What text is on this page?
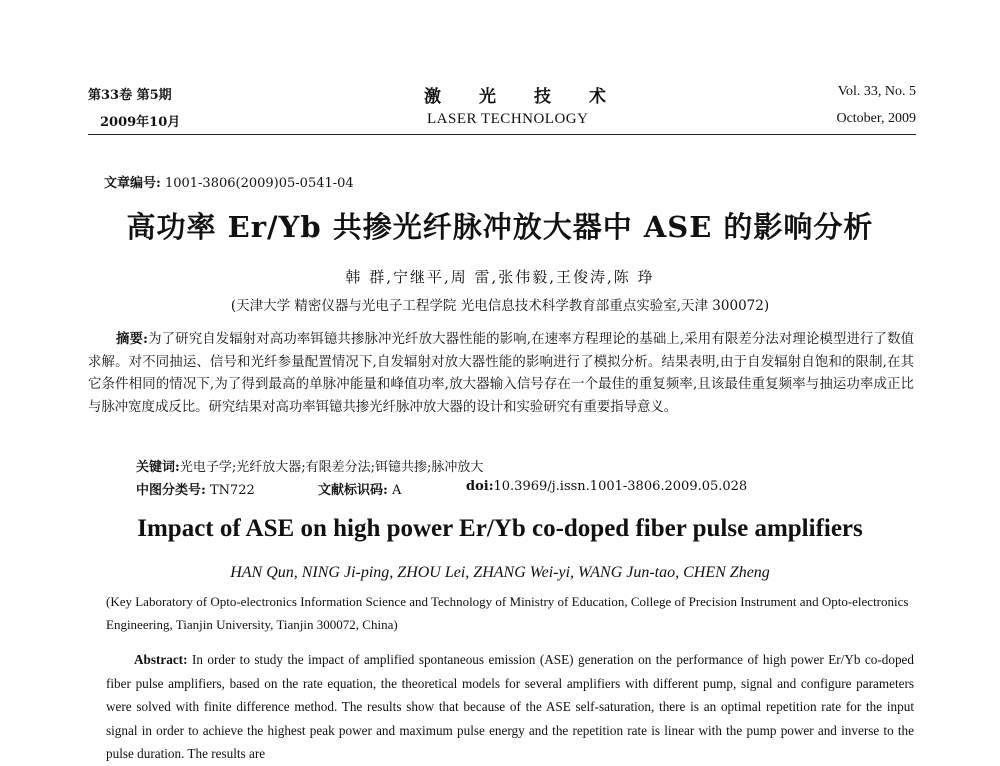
第33卷 第5期
2009年10月
激光技术
LASER TECHNOLOGY
Vol. 33, No. 5
October, 2009
文章编号: 1001-3806(2009)05-0541-04
高功率 Er/Yb 共掺光纤脉冲放大器中 ASE 的影响分析
韩 群,宁继平,周 雷,张伟毅,王俊涛,陈 琤
(天津大学 精密仪器与光电子工程学院 光电信息技术科学教育部重点实验室,天津 300072)
摘要:为了研究自发辐射对高功率铒镱共掺脉冲光纤放大器性能的影响,在速率方程理论的基础上,采用有限差分法对理论模型进行了数值求解。对不同抽运、信号和光纤参量配置情况下,自发辐射对放大器性能的影响进行了模拟分析。结果表明,由于自发辐射自饱和的限制,在其它条件相同的情况下,为了得到最高的单脉冲能量和峰值功率,放大器输入信号存在一个最佳的重复频率,且该最佳重复频率与抽运功率成正比与脉冲宽度成反比。研究结果对高功率铒镱共掺光纤脉冲放大器的设计和实验研究有重要指导意义。
关键词:光电子学;光纤放大器;有限差分法;铒镱共掺;脉冲放大
中图分类号: TN722	文献标识码: A	doi:10.3969/j.issn.1001-3806.2009.05.028
Impact of ASE on high power Er/Yb co-doped fiber pulse amplifiers
HAN Qun, NING Ji-ping, ZHOU Lei, ZHANG Wei-yi, WANG Jun-tao, CHEN Zheng
(Key Laboratory of Opto-electronics Information Science and Technology of Ministry of Education, College of Precision Instrument and Opto-electronics Engineering, Tianjin University, Tianjin 300072, China)
Abstract: In order to study the impact of amplified spontaneous emission (ASE) generation on the performance of high power Er/Yb co-doped fiber pulse amplifiers, based on the rate equation, the theoretical models for several amplifiers with different pump, signal and configure parameters were solved with finite difference method. The results show that because of the ASE self-saturation, there is an optimal repetition rate for the input signal in order to achieve the highest peak power and maximum pulse energy and the repetition rate is linear with the pump power and inverse to the pulse duration. The results are
